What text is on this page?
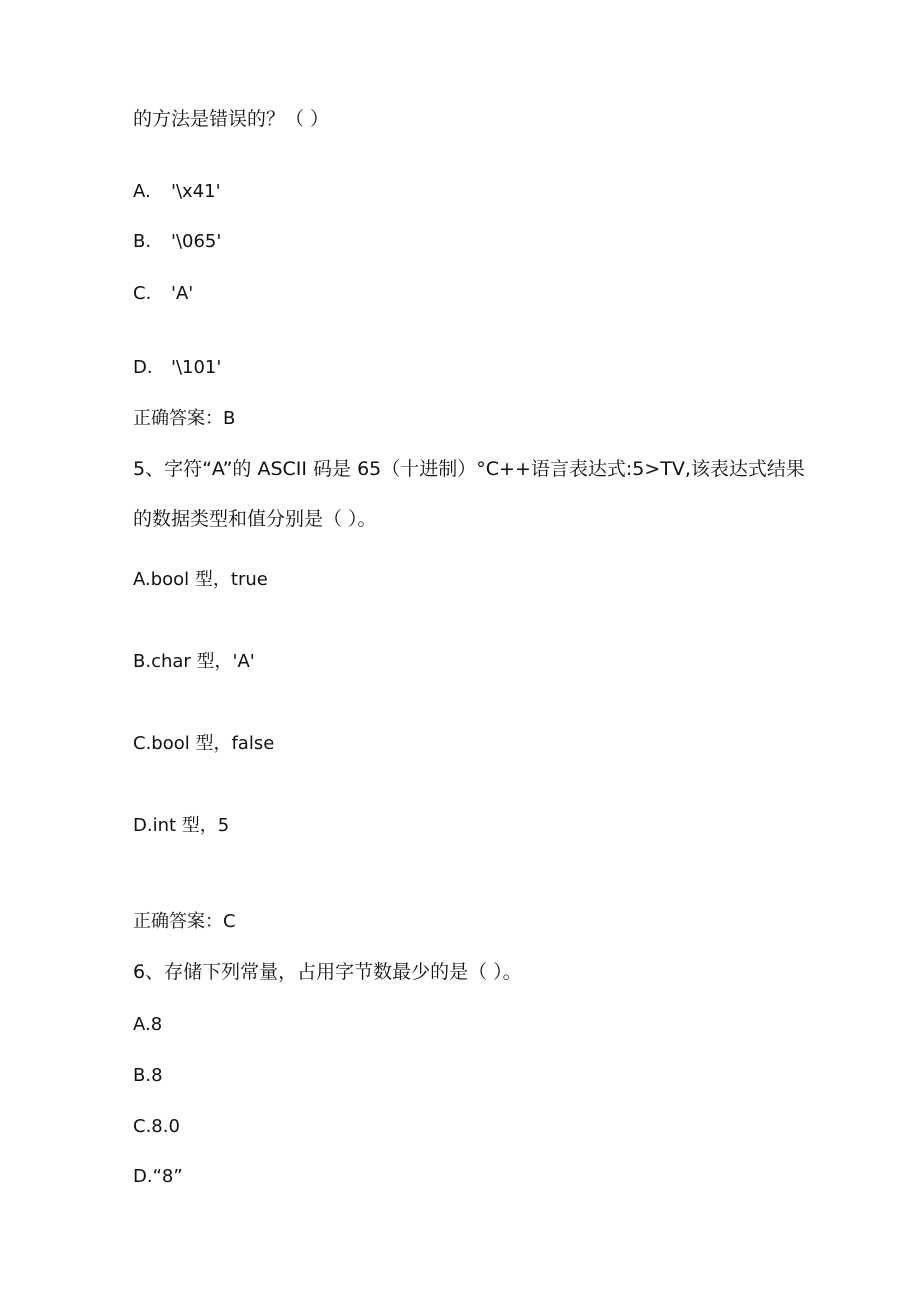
的方法是错误的？（ ）
A. '\x41'
B. '\065'
C. 'A'
D. '\101'
正确答案：B
5、字符“A”的 ASCII 码是 65（十进制）°C++语言表达式:5>TV,该表达式结果
的数据类型和值分别是（ ）。
A.bool 型，true
B.char 型，'A'
C.bool 型，false
D.int 型，5
正确答案：C
6、存储下列常量，占用字节数最少的是（ ）。
A.8
B.8
C.8.0
D.“8”
